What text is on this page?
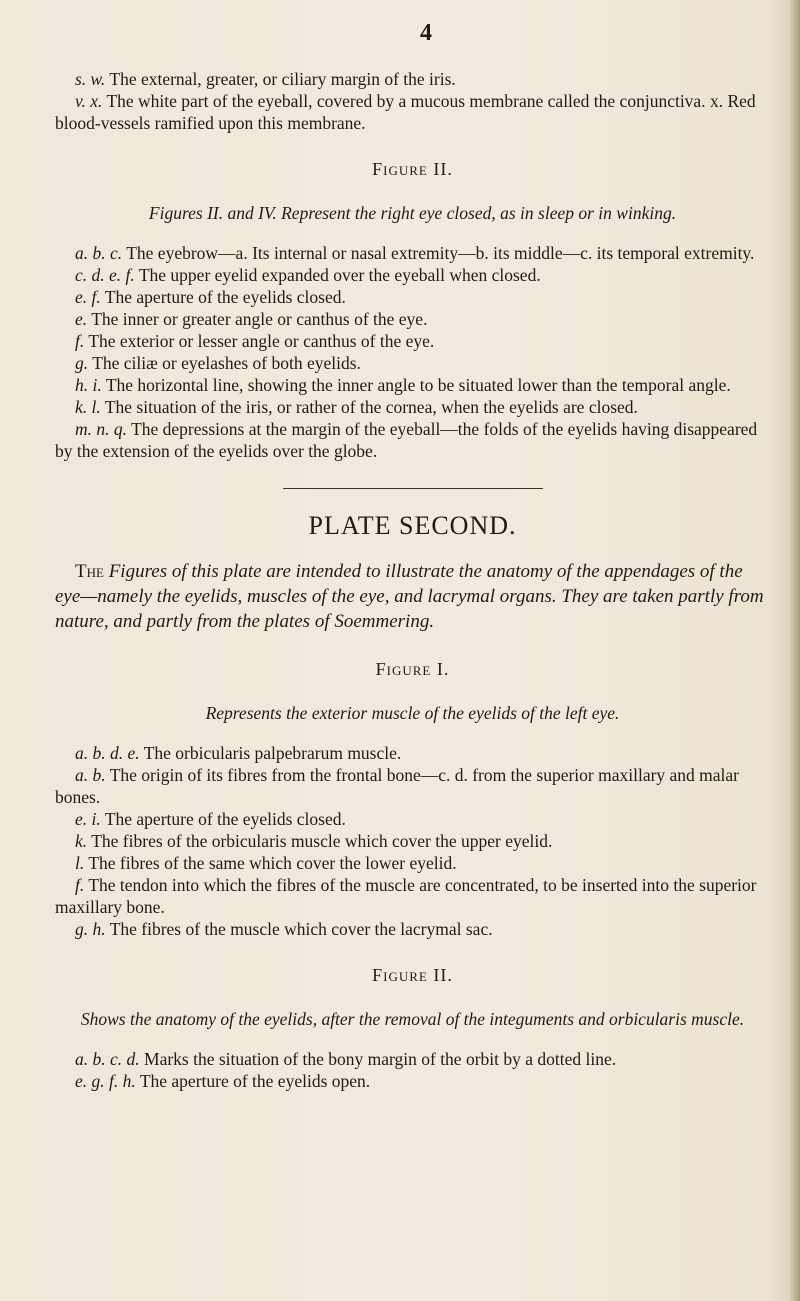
4

s. w. The external, greater, or ciliary margin of the iris.

v. x. The white part of the eyeball, covered by a mucous membrane called the conjunctiva. x. Red blood-vessels ramified upon this membrane.

Figure II.
Figures II. and IV. Represent the right eye closed, as in sleep or in winking.

a. b. c. The eyebrow—a. Its internal or nasal extremity—b. its middle—c. its temporal extremity.

c. d. e. f. The upper eyelid expanded over the eyeball when closed.

e. f. The aperture of the eyelids closed.

e. The inner or greater angle or canthus of the eye.

f. The exterior or lesser angle or canthus of the eye.

g. The ciliæ or eyelashes of both eyelids.

h. i. The horizontal line, showing the inner angle to be situated lower than the temporal angle.

k. l. The situation of the iris, or rather of the cornea, when the eyelids are closed.

m. n. q. The depressions at the margin of the eyeball—the folds of the eyelids having disappeared by the extension of the eyelids over the globe.

PLATE SECOND.

The Figures of this plate are intended to illustrate the anatomy of the appendages of the eye—namely the eyelids, muscles of the eye, and lacrymal organs. They are taken partly from nature, and partly from the plates of Soemmering.

Figure I.
Represents the exterior muscle of the eyelids of the left eye.

a. b. d. e. The orbicularis palpebrarum muscle.

a. b. The origin of its fibres from the frontal bone—c. d. from the superior maxillary and malar bones.

e. i. The aperture of the eyelids closed.

k. The fibres of the orbicularis muscle which cover the upper eyelid.

l. The fibres of the same which cover the lower eyelid.

f. The tendon into which the fibres of the muscle are concentrated, to be inserted into the superior maxillary bone.

g. h. The fibres of the muscle which cover the lacrymal sac.

Figure II.
Shows the anatomy of the eyelids, after the removal of the integuments and orbicularis muscle.

a. b. c. d. Marks the situation of the bony margin of the orbit by a dotted line.

e. g. f. h. The aperture of the eyelids open.
